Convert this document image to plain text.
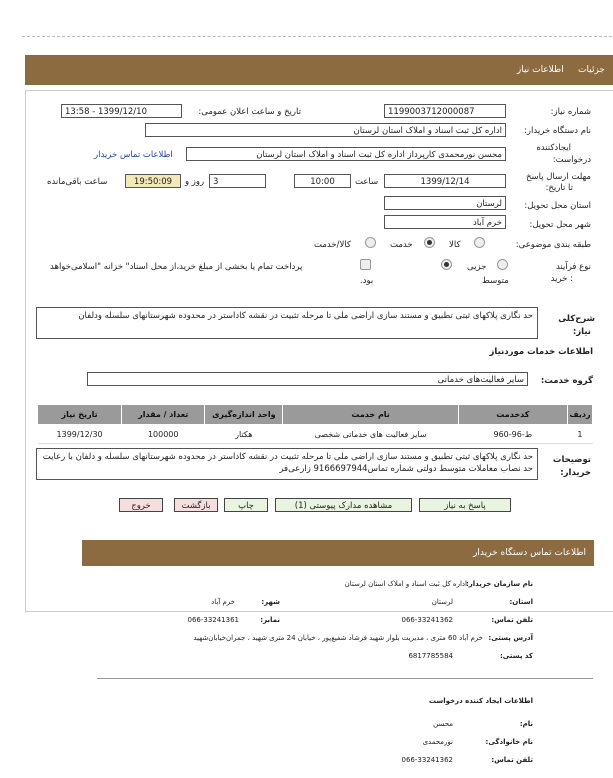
جزئیات     اطلاعات نیاز
شماره نیاز:
1199003712000087
تاریخ و ساعت اعلان عمومی:
1399/12/10 - 13:58
نام دستگاه خریدار:
اداره کل ثبت اسناد و املاک استان لرستان
ایجادکننده
درخواست:
محسن نورمحمدی کارپرداز اداره کل ثبت اسناد و املاک استان لرستان
اطلاعات تماس خریدار
مهلت ارسال پاسخ
تا تاریخ:
1399/12/14
ساعت
10:00
3
روز و
19:50:09
ساعت باقی‌مانده
استان محل تحویل:
لرستان
شهر محل تحویل:
خرم آباد
طبقه بندی موضوعی:
کالا
خدمت
کالا/خدمت
نوع فرآیند
: خرید
جزیی
متوسط
پرداخت تمام یا بخشی از مبلغ خرید،از محل اسناد" خزانه "اسلامی‌خواهد
بود.
شرح‌کلی
نیاز:
حد نگاری پلاکهای ثبتی تطبیق و مستند سازی اراضی ملی تا مرحله تثبیت در نقشه کاداستر در محدوده شهرستانهای سلسله ودلفان
اطلاعات خدمات موردنیاز
گروه خدمت:
سایر فعالیت‌های خدماتی
تاریخ نیاز	تعداد / مقدار	واحد اندازه‌گیری	نام خدمت	کدخدمت	ردیف
1399/12/30	100000	هکتار	سایر فعالیت های خدماتی شخصی	ط-96-960	1
توضیحات
خریدار:
حد نگاری پلاکهای ثبتی تطبیق و مستند سازی اراضی ملی تا مرحله تثبیت در نقشه کاداستر در محدوده شهرستانهای سلسله و دلفان با رعایت حد نصاب معاملات متوسط دولتی شماره تماس9166697944 زارعی‌فر
پاسخ به نیاز
مشاهده مدارک پیوستی (1)
چاپ
بازگشت
خروج
اطلاعات تماس دستگاه خریدار
نام سازمان خریدار:
اداره کل ثبت اسناد و املاک استان لرستان
استان:
لرستان
شهر:
خرم آباد
تلفن تماس:
066-33241362
نمابر:
066-33241361
آدرس پستی:
خرم آباد 60 متری ، مدیریت بلوار شهید فرشاد شفیع‌پور ، خیابان 24 متری شهید ، جمران‌خیابان‌شهید
کد پستی:
6817785584
اطلاعات ایجاد کننده درخواست
نام:
محسن
نام خانوادگی:
نورمحمدی
تلفن تماس:
066-33241362
